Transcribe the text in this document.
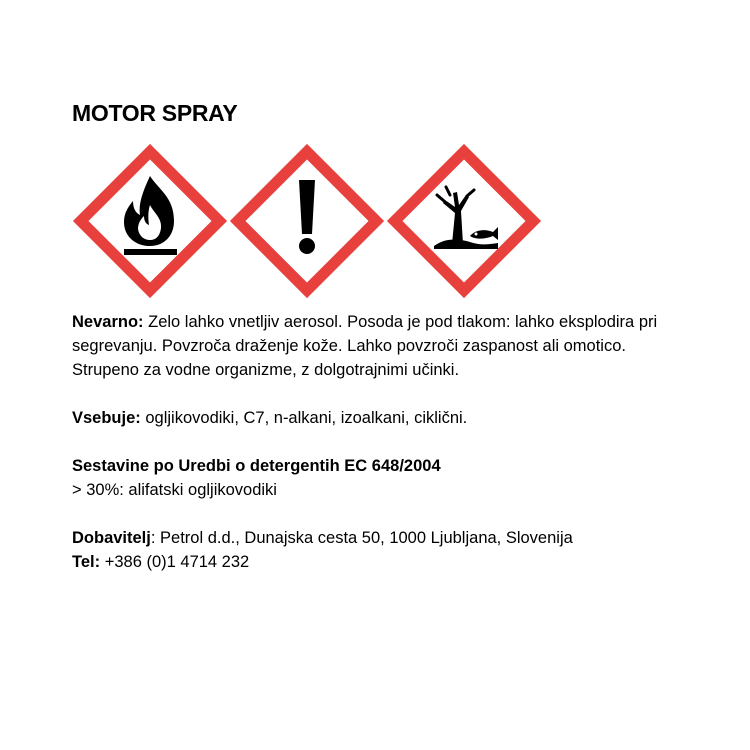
MOTOR SPRAY

Nevarno: Zelo lahko vnetljiv aerosol. Posoda je pod tlakom: lahko eksplodira pri segrevanju. Povzroča draženje kože. Lahko povzroči zaspanost ali omotico. Strupeno za vodne organizme, z dolgotrajnimi učinki.

Vsebuje: ogljikovodiki, C7, n-alkani, izoalkani, ciklični.

Sestavine po Uredbi o detergentih EC 648/2004
> 30%: alifatski ogljikovodiki

Dobavitelj: Petrol d.d., Dunajska cesta 50, 1000 Ljubljana, Slovenija

Tel: +386 (0)1 4714 232
